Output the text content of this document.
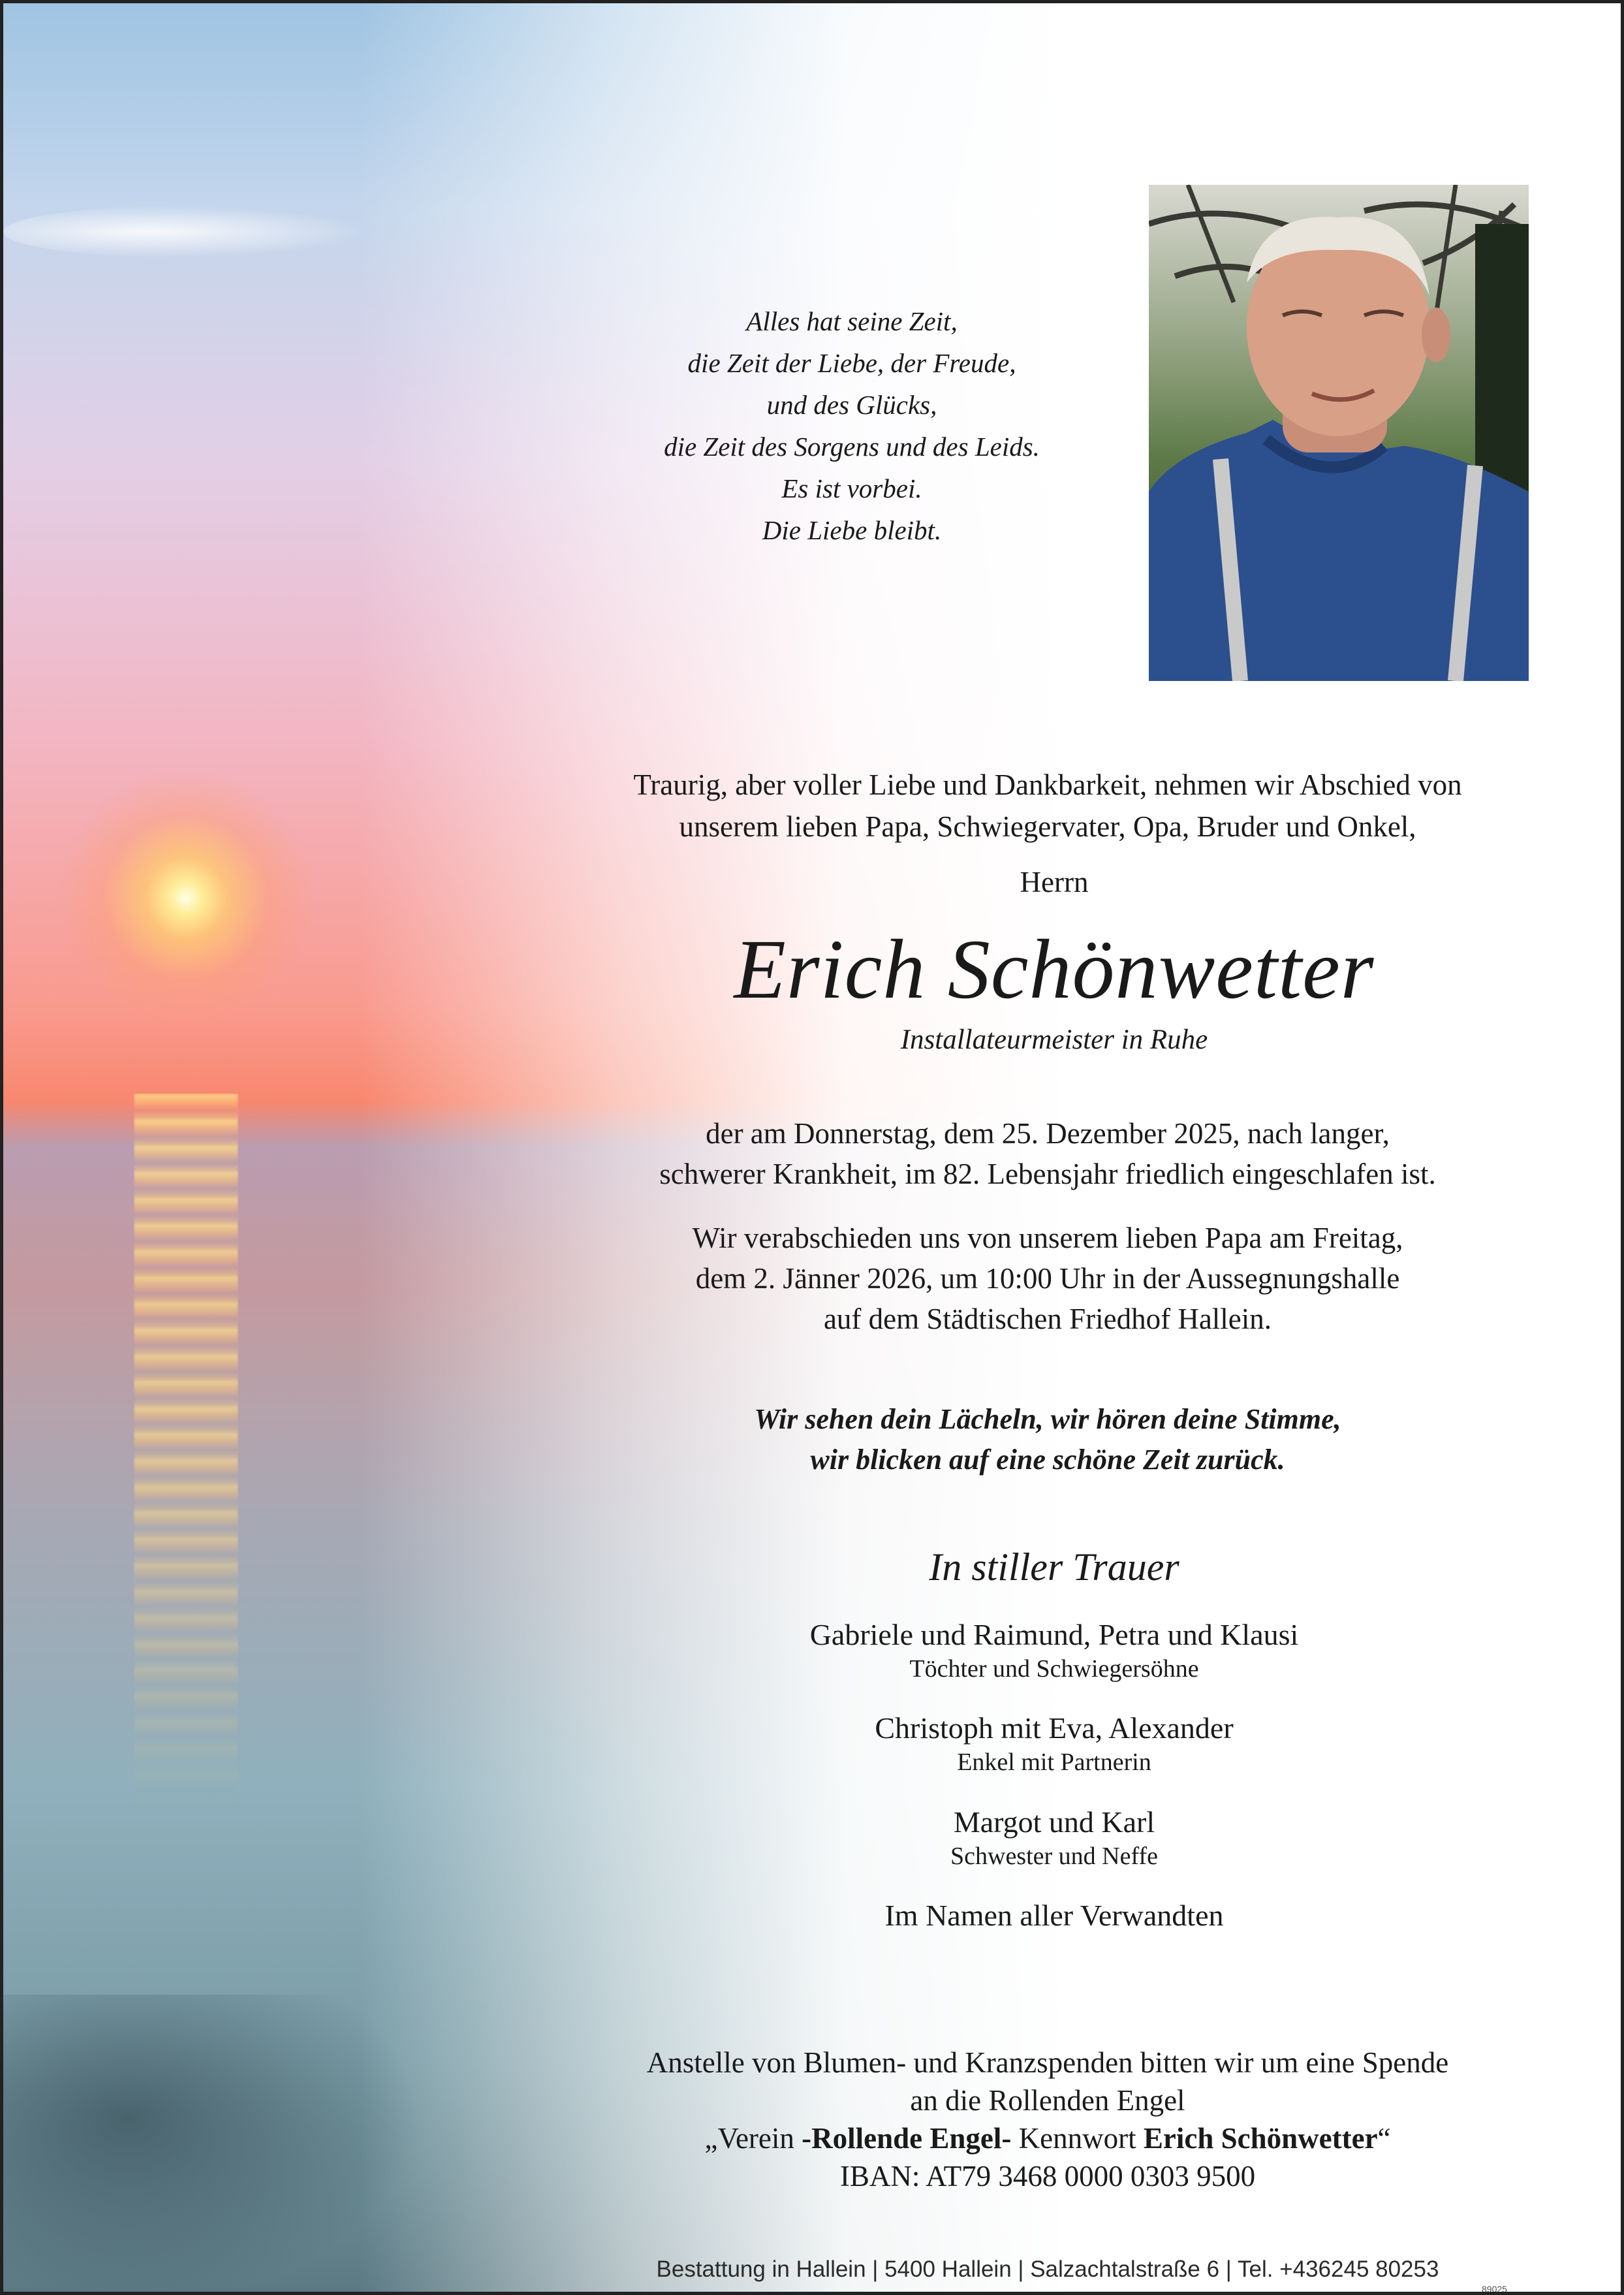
Alles hat seine Zeit,
die Zeit der Liebe, der Freude,
und des Glücks,
die Zeit des Sorgens und des Leids.
Es ist vorbei.
Die Liebe bleibt.
Traurig, aber voller Liebe und Dankbarkeit, nehmen wir Abschied von
unserem lieben Papa, Schwiegervater, Opa, Bruder und Onkel,
Herrn
Erich Schönwetter
Installateurmeister in Ruhe
der am Donnerstag, dem 25. Dezember 2025, nach langer,
schwerer Krankheit, im 82. Lebensjahr friedlich eingeschlafen ist.
Wir verabschieden uns von unserem lieben Papa am Freitag,
dem 2. Jänner 2026, um 10:00 Uhr in der Aussegnungshalle
auf dem Städtischen Friedhof Hallein.
Wir sehen dein Lächeln, wir hören deine Stimme,
wir blicken auf eine schöne Zeit zurück.
In stiller Trauer
Gabriele und Raimund, Petra und Klausi
Töchter und Schwiegersöhne
Christoph mit Eva, Alexander
Enkel mit Partnerin
Margot und Karl
Schwester und Neffe
Im Namen aller Verwandten
Anstelle von Blumen- und Kranzspenden bitten wir um eine Spende
an die Rollenden Engel
„Verein -Rollende Engel- Kennwort Erich Schönwetter“
IBAN: AT79 3468 0000 0303 9500
Bestattung in Hallein | 5400 Hallein | Salzachtalstraße 6 | Tel. +436245 80253
89025
